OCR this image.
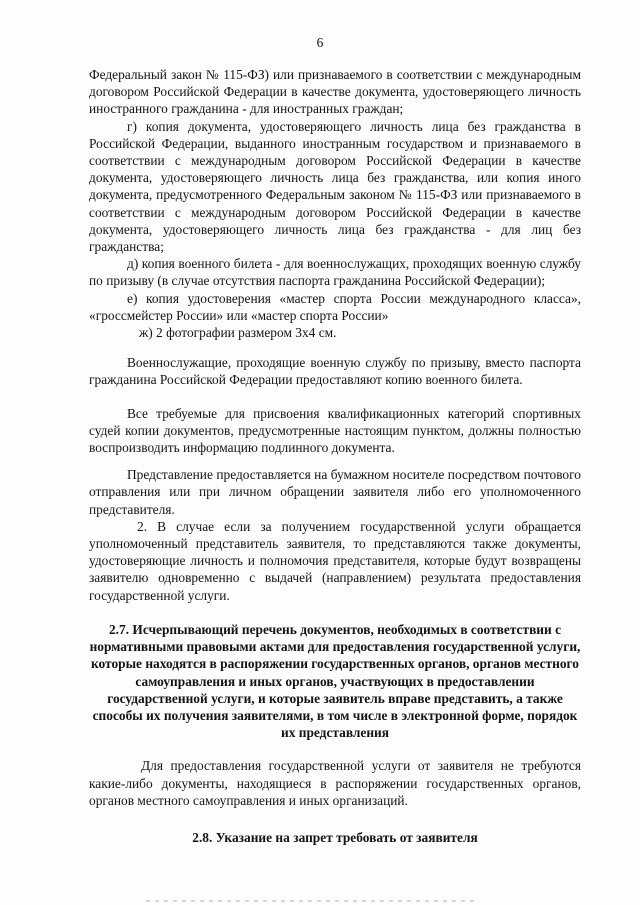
6

Федеральный закон № 115-ФЗ) или признаваемого в соответствии с международным договором Российской Федерации в качестве документа, удостоверяющего личность иностранного гражданина - для иностранных граждан;

г) копия документа, удостоверяющего личность лица без гражданства в Российской Федерации, выданного иностранным государством и признаваемого в соответствии с международным договором Российской Федерации в качестве документа, удостоверяющего личность лица без гражданства, или копия иного документа, предусмотренного Федеральным законом № 115-ФЗ или признаваемого в соответствии с международным договором Российской Федерации в качестве документа, удостоверяющего личность лица без гражданства - для лиц без гражданства;

д) копия военного билета - для военнослужащих, проходящих военную службу по призыву (в случае отсутствия паспорта гражданина Российской Федерации);

е) копия удостоверения «мастер спорта России международного класса», «гроссмейстер России» или «мастер спорта России»

ж) 2 фотографии размером 3х4 см.

Военнослужащие, проходящие военную службу по призыву, вместо паспорта гражданина Российской Федерации предоставляют копию военного билета.

Все требуемые для присвоения квалификационных категорий спортивных судей копии документов, предусмотренные настоящим пунктом, должны полностью воспроизводить информацию подлинного документа.

Представление предоставляется на бумажном носителе посредством почтового отправления или при личном обращении заявителя либо его уполномоченного представителя.

2. В случае если за получением государственной услуги обращается уполномоченный представитель заявителя, то представляются также документы, удостоверяющие личность и полномочия представителя, которые будут возвращены заявителю одновременно с выдачей (направлением) результата предоставления государственной услуги.

2.7. Исчерпывающий перечень документов, необходимых в соответствии с нормативными правовыми актами для предоставления государственной услуги, которые находятся в распоряжении государственных органов, органов местного самоуправления и иных органов, участвующих в предоставлении государственной услуги, и которые заявитель вправе представить, а также способы их получения заявителями, в том числе в электронной форме, порядок их представления

Для предоставления государственной услуги от заявителя не требуются какие-либо документы, находящиеся в распоряжении государственных органов, органов местного самоуправления и иных организаций.

2.8. Указание на запрет требовать от заявителя
